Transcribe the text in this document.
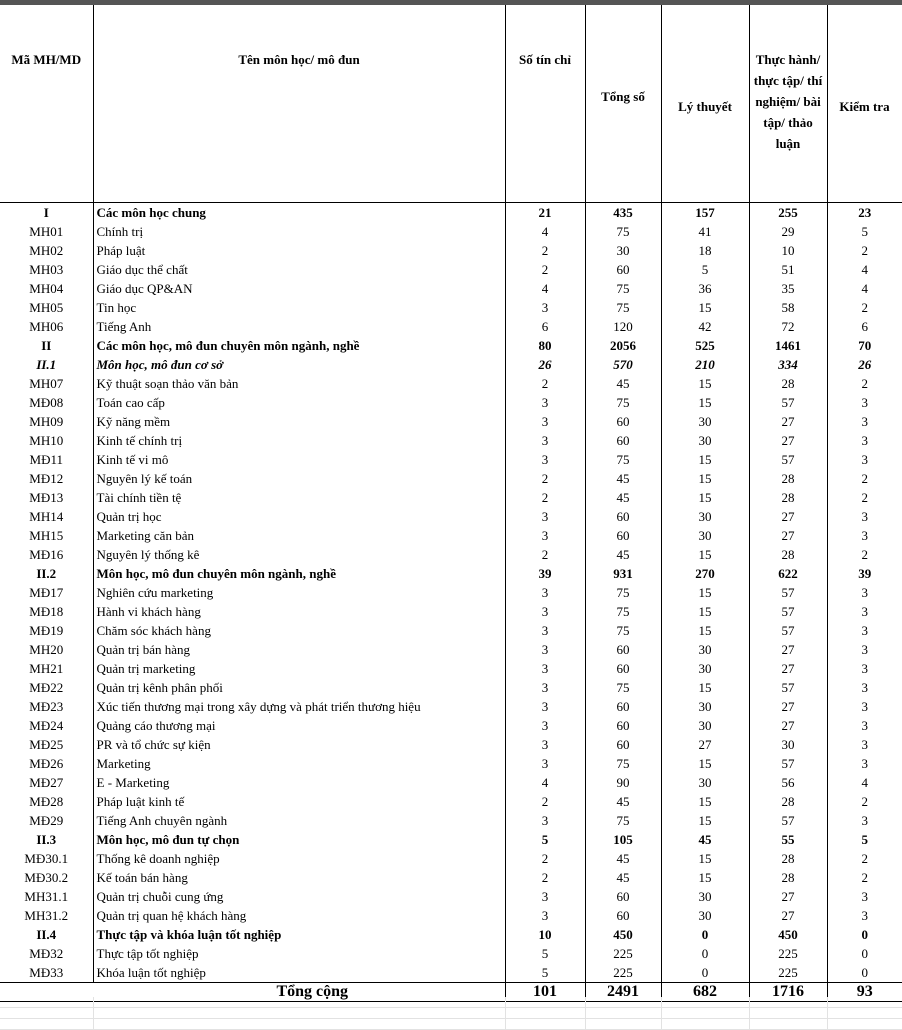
Mã MH/MD	Tên môn học/ mô đun	Số tín chỉ	Tổng số	Lý thuyết	Thực hành/ thực tập/ thí nghiệm/ bài tập/ thảo luận	Kiểm tra

I	Các môn học chung	21	435	157	255	23
MH01	Chính trị	4	75	41	29	5
MH02	Pháp luật	2	30	18	10	2
MH03	Giáo dục thể chất	2	60	5	51	4
MH04	Giáo dục QP&AN	4	75	36	35	4
MH05	Tin học	3	75	15	58	2
MH06	Tiếng Anh	6	120	42	72	6
II	Các môn học, mô đun chuyên môn ngành, nghề	80	2056	525	1461	70
II.1	Môn học, mô đun cơ sở	26	570	210	334	26
MH07	Kỹ thuật soạn thảo văn bản	2	45	15	28	2
MĐ08	Toán cao cấp	3	75	15	57	3
MH09	Kỹ năng mềm	3	60	30	27	3
MH10	Kinh tế chính trị	3	60	30	27	3
MĐ11	Kinh tế vi mô	3	75	15	57	3
MĐ12	Nguyên lý kế toán	2	45	15	28	2
MĐ13	Tài chính tiền tệ	2	45	15	28	2
MH14	Quản trị học	3	60	30	27	3
MH15	Marketing căn bản	3	60	30	27	3
MĐ16	Nguyên lý thống kê	2	45	15	28	2
II.2	Môn học, mô đun chuyên môn ngành, nghề	39	931	270	622	39
MĐ17	Nghiên cứu marketing	3	75	15	57	3
MĐ18	Hành vi khách hàng	3	75	15	57	3
MĐ19	Chăm sóc khách hàng	3	75	15	57	3
MH20	Quản trị bán hàng	3	60	30	27	3
MH21	Quản trị marketing	3	60	30	27	3
MĐ22	Quản trị kênh phân phối	3	75	15	57	3
MĐ23	Xúc tiến thương mại trong xây dựng và phát triển thương hiệu	3	60	30	27	3
MĐ24	Quảng cáo thương mại	3	60	30	27	3
MĐ25	PR và tổ chức sự kiện	3	60	27	30	3
MĐ26	Marketing	3	75	15	57	3
MĐ27	E - Marketing	4	90	30	56	4
MĐ28	Pháp luật kinh tế	2	45	15	28	2
MĐ29	Tiếng Anh chuyên ngành	3	75	15	57	3
II.3	Môn học, mô đun tự chọn	5	105	45	55	5
MĐ30.1	Thống kê doanh nghiệp	2	45	15	28	2
MĐ30.2	Kế toán bán hàng	2	45	15	28	2
MH31.1	Quản trị chuỗi cung ứng	3	60	30	27	3
MH31.2	Quản trị quan hệ khách hàng	3	60	30	27	3
II.4	Thực tập và khóa luận tốt nghiệp	10	450	0	450	0
MĐ32	Thực tập tốt nghiệp	5	225	0	225	0
MĐ33	Khóa luận tốt nghiệp	5	225	0	225	0
Tổng cộng		101	2491	682	1716	93
